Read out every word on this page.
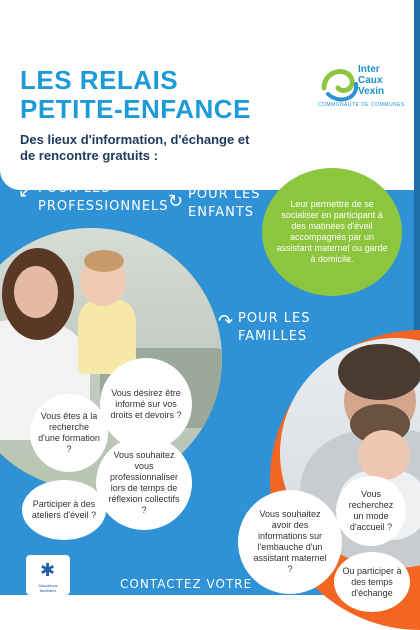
LES RELAIS
PETITE-ENFANCE

Des lieux d'information, d'échange et de rencontre gratuits :

Inter
Caux
Vexin
COMMUNAUTÉ DE COMMUNES
↙ POUR LES PROFESSIONNELS ↻ POUR LES ENFANTS
↷ POUR LES FAMILLES
Leur permettre de se socialiser en participant à des matinées d'éveil accompagnés par un assistant maternel ou garde à domicile.
Vous désirez être informé sur vos droits et devoirs ?
Vous êtes à la recherche d'une formation ?
Vous souhaitez vous professionnaliser lors de temps de réflexion collectifs ?
Participer à des ateliers d'éveil ?	Vous souhaitez avoir des informations sur l'embauche d'un assistant maternel ?
Vous recherchez un mode d'accueil ?
Ou participer à des temps d'échange
✱
Allocations familiales	CONTACTEZ VOTRE
